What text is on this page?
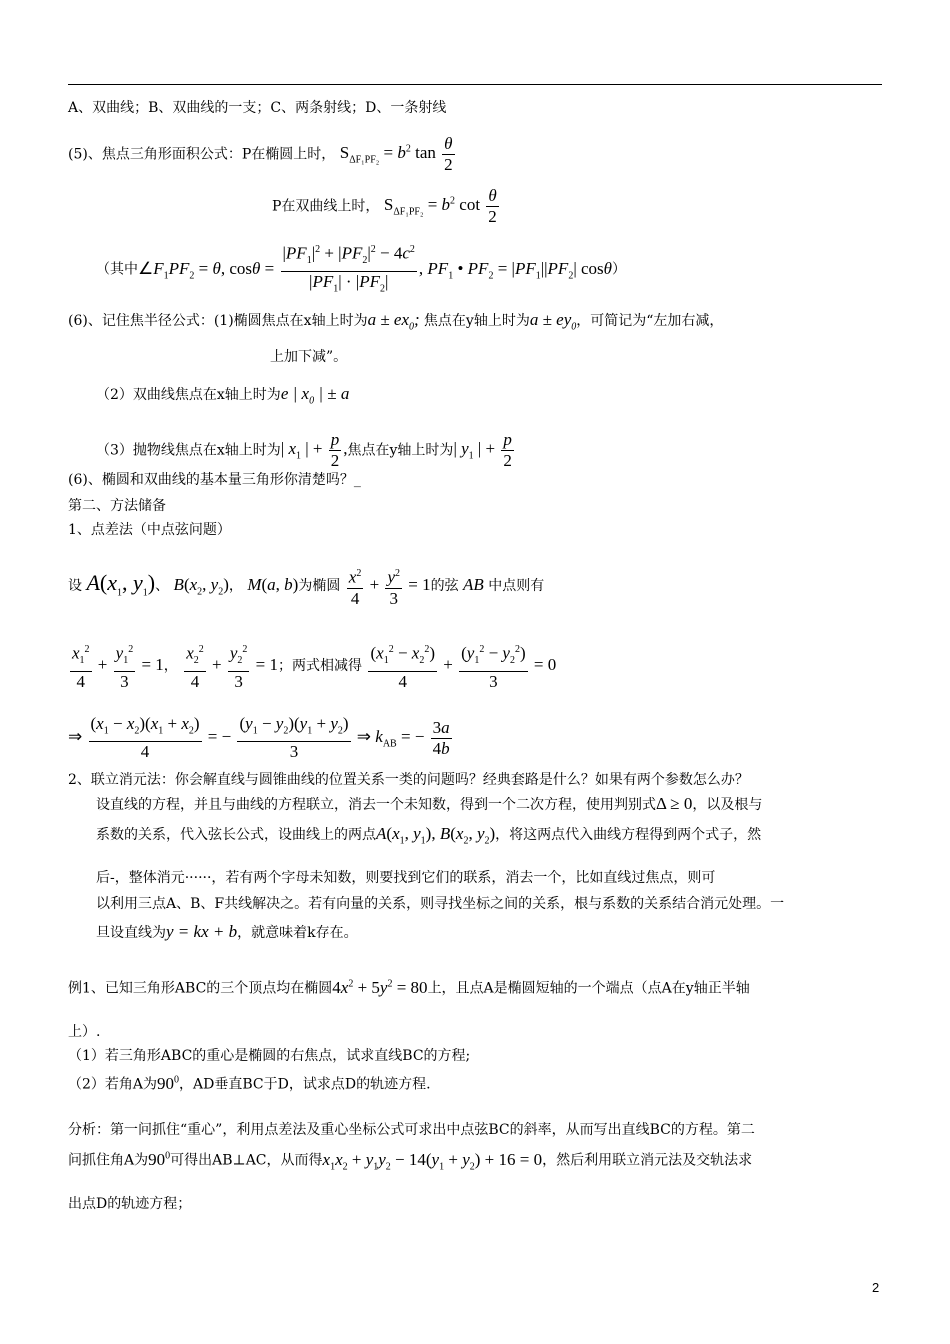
A、双曲线；B、双曲线的一支；C、两条射线；D、一条射线
(5)、焦点三角形面积公式：P在椭圆上时， $S_{\Delta F_1PF_2} = b^2$ $\tan \frac{\theta}{2}$
P在双曲线上时， $S_{\Delta F_1PF_2} = b^2$ $\cot \frac{\theta}{2}$
（其中$\angle F_1PF_2 = \theta$, $\cos\theta = \frac{|PF_1|^2 + |PF_2|^2 - 4c^2}{|PF_1| \cdot |PF_2|}$ , $PF_1$ • $PF_2 = |PF_1||PF_2|$ cosθ）
(6)、记住焦半径公式：(1)椭圆焦点在x轴上时为$a \pm ex_0$; 焦点在y轴上时为$a \pm ey_0$，可简记为“左加右减，
上加下减”。
（2）双曲线焦点在x轴上时为e | $x_0$ | ± a
（3）抛物线焦点在x轴上时为| $x_1$ | + $\frac{p}{2}$ ,焦点在y轴上时为| $y_1$ | + $\frac{p}{2}$
(6)、椭圆和双曲线的基本量三角形你清楚吗？_
第二、方法储备
1、点差法（中点弦问题）
设 $A(x_1$, $y_1$)、 $B(x_2$, $y_2$)， M(a, b)为椭圆 $\frac{x^2}{4} + \frac{y^2}{3} = 1$的弦 AB 中点则有
$\frac{x_1^2}{4} + \frac{y_1^2}{3} = 1$， $\frac{x_2^2}{4} + \frac{y_2^2}{3} = 1$；两式相减得 $\frac{(x_1^2 - x_2^2)}{4} + \frac{(y_1^2 - y_2^2)}{3} = 0$
⇒ $\frac{(x_1 - x_2)(x_1 + x_2)}{4}$ = − $\frac{(y_1 - y_2)(y_1 + y_2)}{3}$ ⇒ $k_{AB}$ = − $\frac{3a}{4b}$
2、联立消元法：你会解直线与圆锥曲线的位置关系一类的问题吗？经典套路是什么？如果有两个参数怎么办？
设直线的方程，并且与曲线的方程联立，消去一个未知数，得到一个二次方程，使用判别式Δ ≥ 0，以及根与
系数的关系，代入弦长公式，设曲线上的两点$A(x_1$, $y_1$), $B(x_2$, $y_2$)，将这两点代入曲线方程得到两个式子，然
后-，整体消元······，若有两个字母未知数，则要找到它们的联系，消去一个，比如直线过焦点，则可
以利用三点A、B、F共线解决之。若有向量的关系，则寻找坐标之间的关系，根与系数的关系结合消元处理。一
旦设直线为y = kx + b，就意味着k存在。
例1、已知三角形ABC的三个顶点均在椭圆$4x^2 + 5y^2 = 80$上，且点A是椭圆短轴的一个端点（点A在y轴正半轴
上）.
（1）若三角形ABC的重心是椭圆的右焦点，试求直线BC的方程;
（2）若角A为$90^0$，AD垂直BC于D，试求点D的轨迹方程.
分析：第一问抓住“重心”，利用点差法及重心坐标公式可求出中点弦BC的斜率，从而写出直线BC的方程。第二
问抓住角A为$90^0$可得出AB⊥AC，从而得$x_1x_2 + y_1y_2 - 14(y_1 + y_2) + 16 = 0$，然后利用联立消元法及交轨法求
出点D的轨迹方程；
2
